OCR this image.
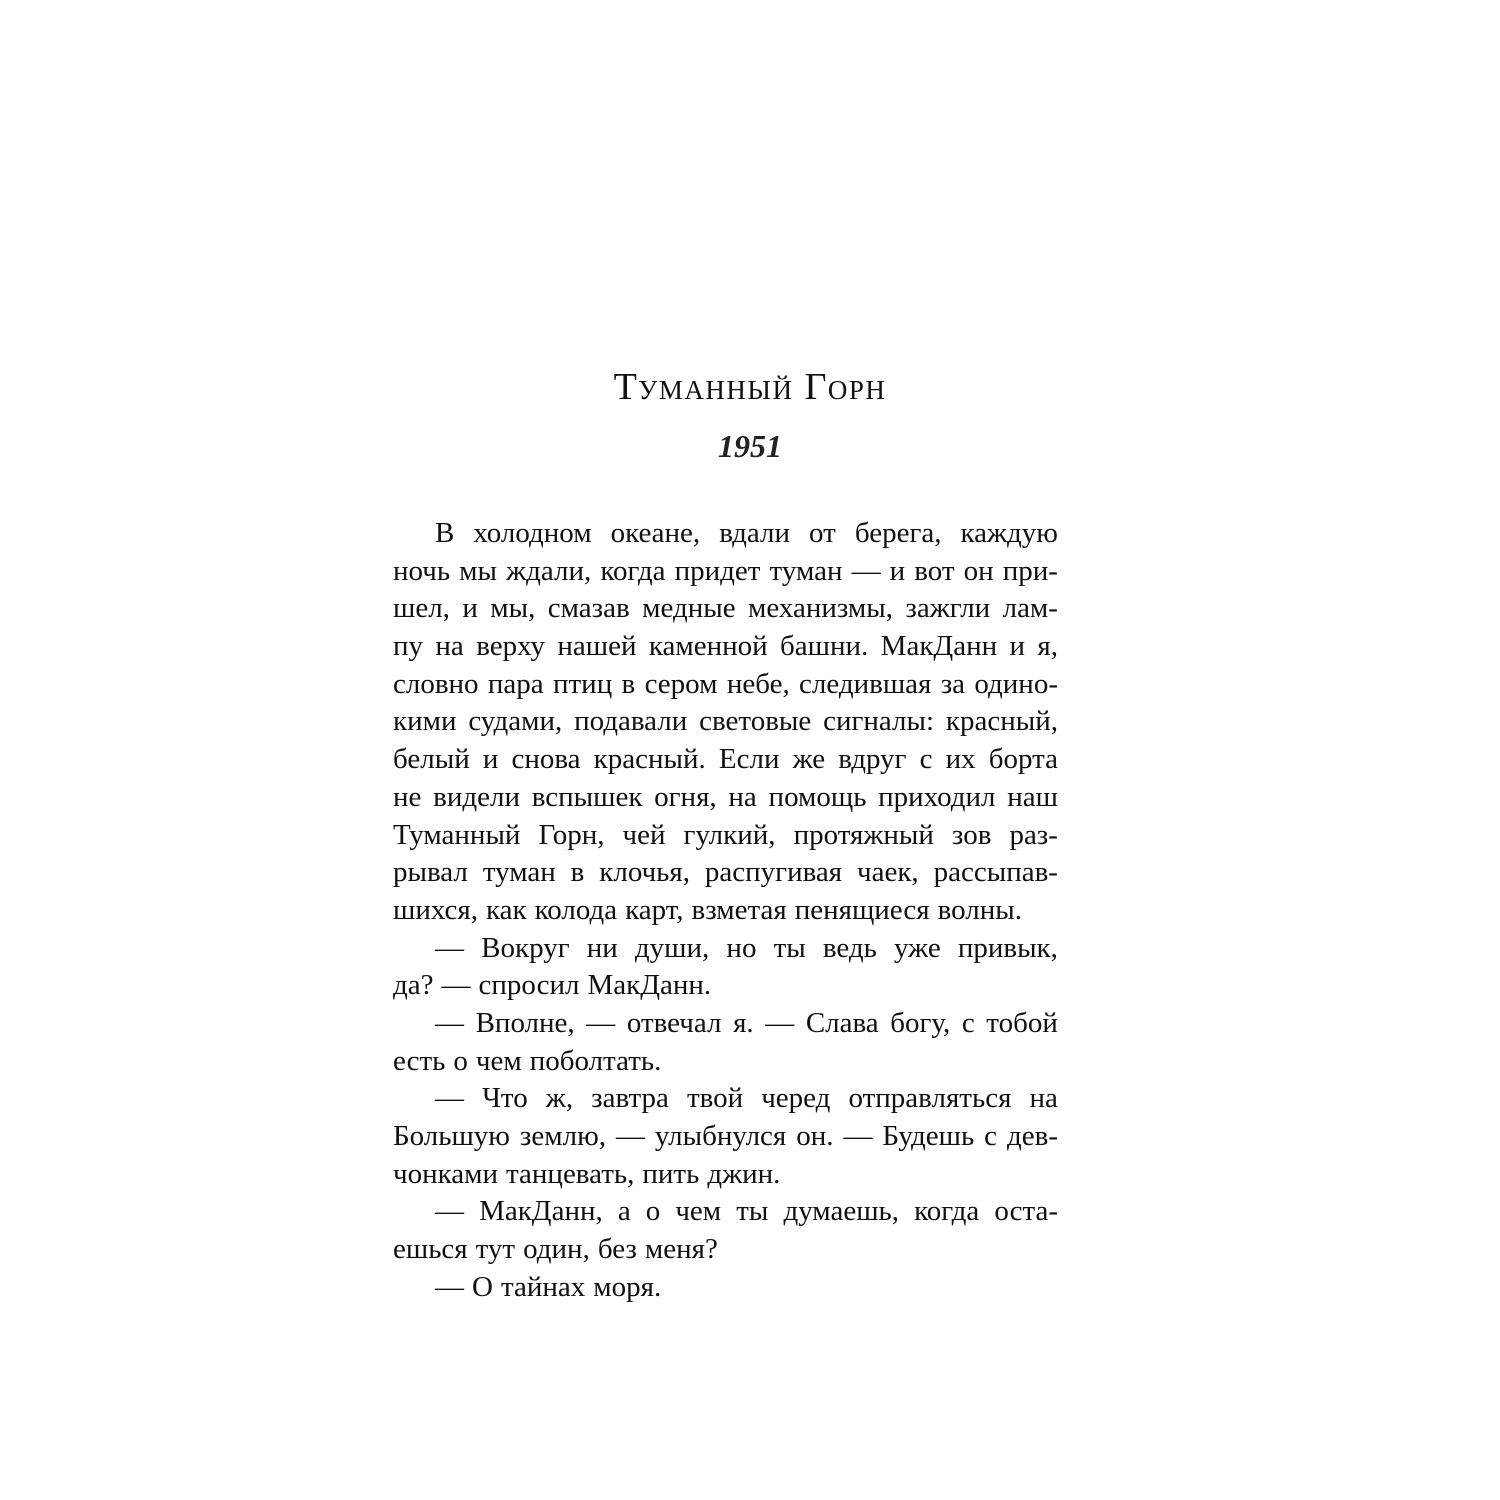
Туманный Горн
1951
В холодном океане, вдали от берега, каждую
ночь мы ждали, когда придет туман — и вот он при-
шел, и мы, смазав медные механизмы, зажгли лам-
пу на верху нашей каменной башни. МакДанн и я,
словно пара птиц в сером небе, следившая за одино-
кими судами, подавали световые сигналы: красный,
белый и снова красный. Если же вдруг с их борта
не видели вспышек огня, на помощь приходил наш
Туманный Горн, чей гулкий, протяжный зов раз-
рывал туман в клочья, распугивая чаек, рассыпав-
шихся, как колода карт, взметая пенящиеся волны.
— Вокруг ни души, но ты ведь уже привык,
да? — спросил МакДанн.
— Вполне, — отвечал я. — Слава богу, с тобой
есть о чем поболтать.
— Что ж, завтра твой черед отправляться на
Большую землю, — улыбнулся он. — Будешь с дев-
чонками танцевать, пить джин.
— МакДанн, а о чем ты думаешь, когда оста-
ешься тут один, без меня?
— О тайнах моря.
